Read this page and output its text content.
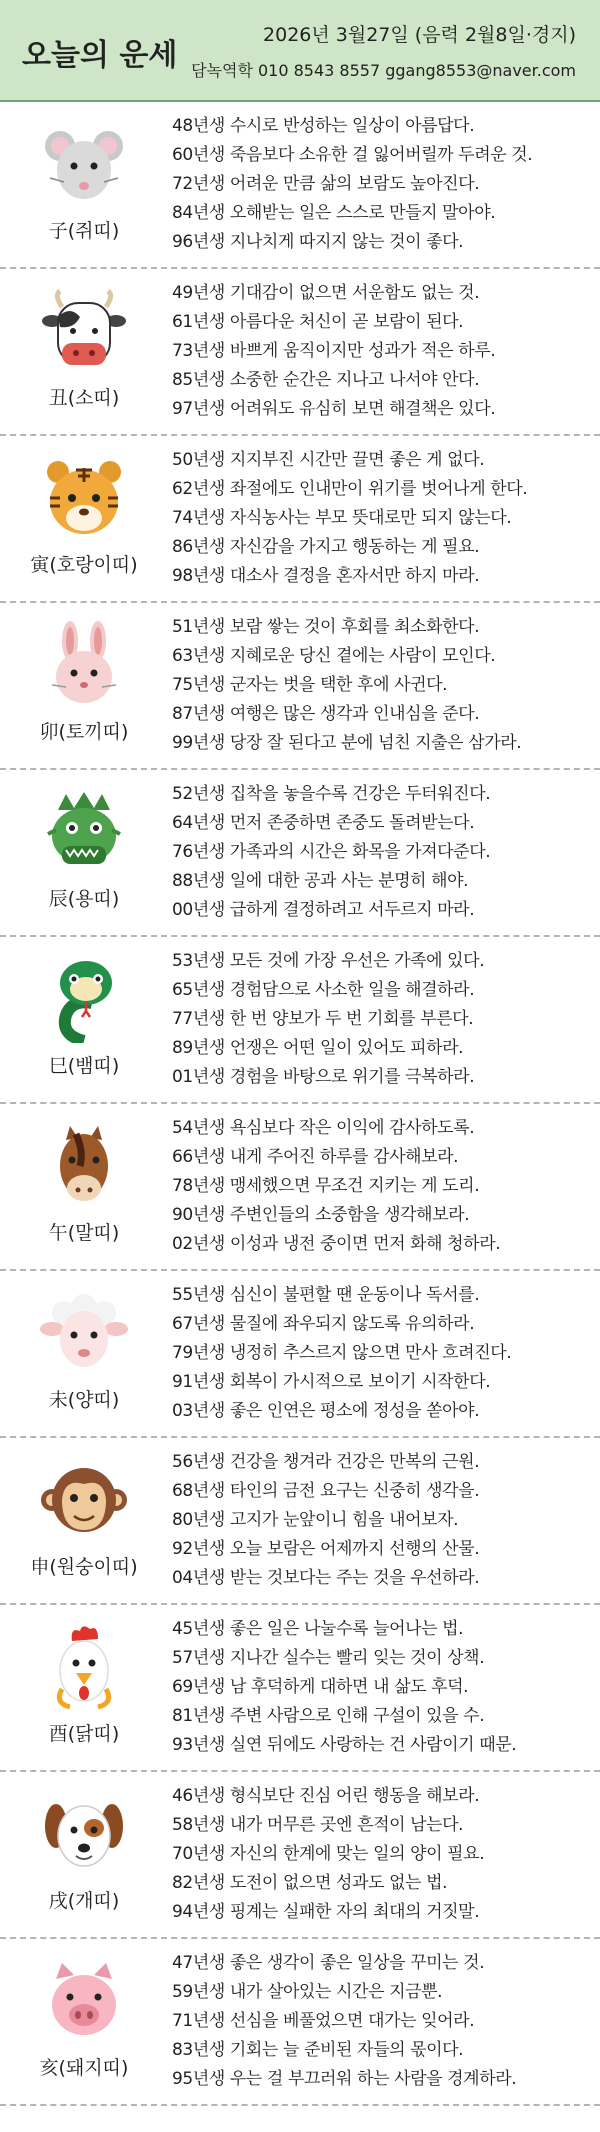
오늘의 운세
2026년 3월27일 (음력 2월8일·경지)
담녹역학 010 8543 8557 ggang8553@naver.com
子(쥐띠)
48년생 수시로 반성하는 일상이 아름답다.
60년생 죽음보다 소유한 걸 잃어버릴까 두려운 것.
72년생 어려운 만큼 삶의 보람도 높아진다.
84년생 오해받는 일은 스스로 만들지 말아야.
96년생 지나치게 따지지 않는 것이 좋다.
丑(소띠)
49년생 기대감이 없으면 서운함도 없는 것.
61년생 아름다운 처신이 곧 보람이 된다.
73년생 바쁘게 움직이지만 성과가 적은 하루.
85년생 소중한 순간은 지나고 나서야 안다.
97년생 어려워도 유심히 보면 해결책은 있다.
寅(호랑이띠)
50년생 지지부진 시간만 끌면 좋은 게 없다.
62년생 좌절에도 인내만이 위기를 벗어나게 한다.
74년생 자식농사는 부모 뜻대로만 되지 않는다.
86년생 자신감을 가지고 행동하는 게 필요.
98년생 대소사 결정을 혼자서만 하지 마라.
卯(토끼띠)
51년생 보람 쌓는 것이 후회를 최소화한다.
63년생 지혜로운 당신 곁에는 사람이 모인다.
75년생 군자는 벗을 택한 후에 사귄다.
87년생 여행은 많은 생각과 인내심을 준다.
99년생 당장 잘 된다고 분에 넘친 지출은 삼가라.
辰(용띠)
52년생 집착을 놓을수록 건강은 두터워진다.
64년생 먼저 존중하면 존중도 돌려받는다.
76년생 가족과의 시간은 화목을 가져다준다.
88년생 일에 대한 공과 사는 분명히 해야.
00년생 급하게 결정하려고 서두르지 마라.
巳(뱀띠)
53년생 모든 것에 가장 우선은 가족에 있다.
65년생 경험담으로 사소한 일을 해결하라.
77년생 한 번 양보가 두 번 기회를 부른다.
89년생 언쟁은 어떤 일이 있어도 피하라.
01년생 경험을 바탕으로 위기를 극복하라.
午(말띠)
54년생 욕심보다 작은 이익에 감사하도록.
66년생 내게 주어진 하루를 감사해보라.
78년생 맹세했으면 무조건 지키는 게 도리.
90년생 주변인들의 소중함을 생각해보라.
02년생 이성과 냉전 중이면 먼저 화해 청하라.
未(양띠)
55년생 심신이 불편할 땐 운동이나 독서를.
67년생 물질에 좌우되지 않도록 유의하라.
79년생 냉정히 추스르지 않으면 만사 흐려진다.
91년생 회복이 가시적으로 보이기 시작한다.
03년생 좋은 인연은 평소에 정성을 쏟아야.
申(원숭이띠)
56년생 건강을 챙겨라 건강은 만복의 근원.
68년생 타인의 금전 요구는 신중히 생각을.
80년생 고지가 눈앞이니 힘을 내어보자.
92년생 오늘 보람은 어제까지 선행의 산물.
04년생 받는 것보다는 주는 것을 우선하라.
酉(닭띠)
45년생 좋은 일은 나눌수록 늘어나는 법.
57년생 지나간 실수는 빨리 잊는 것이 상책.
69년생 남 후덕하게 대하면 내 삶도 후덕.
81년생 주변 사람으로 인해 구설이 있을 수.
93년생 실연 뒤에도 사랑하는 건 사람이기 때문.
戌(개띠)
46년생 형식보단 진심 어린 행동을 해보라.
58년생 내가 머무른 곳엔 흔적이 남는다.
70년생 자신의 한계에 맞는 일의 양이 필요.
82년생 도전이 없으면 성과도 없는 법.
94년생 핑계는 실패한 자의 최대의 거짓말.
亥(돼지띠)
47년생 좋은 생각이 좋은 일상을 꾸미는 것.
59년생 내가 살아있는 시간은 지금뿐.
71년생 선심을 베풀었으면 대가는 잊어라.
83년생 기회는 늘 준비된 자들의 몫이다.
95년생 우는 걸 부끄러워 하는 사람을 경계하라.
